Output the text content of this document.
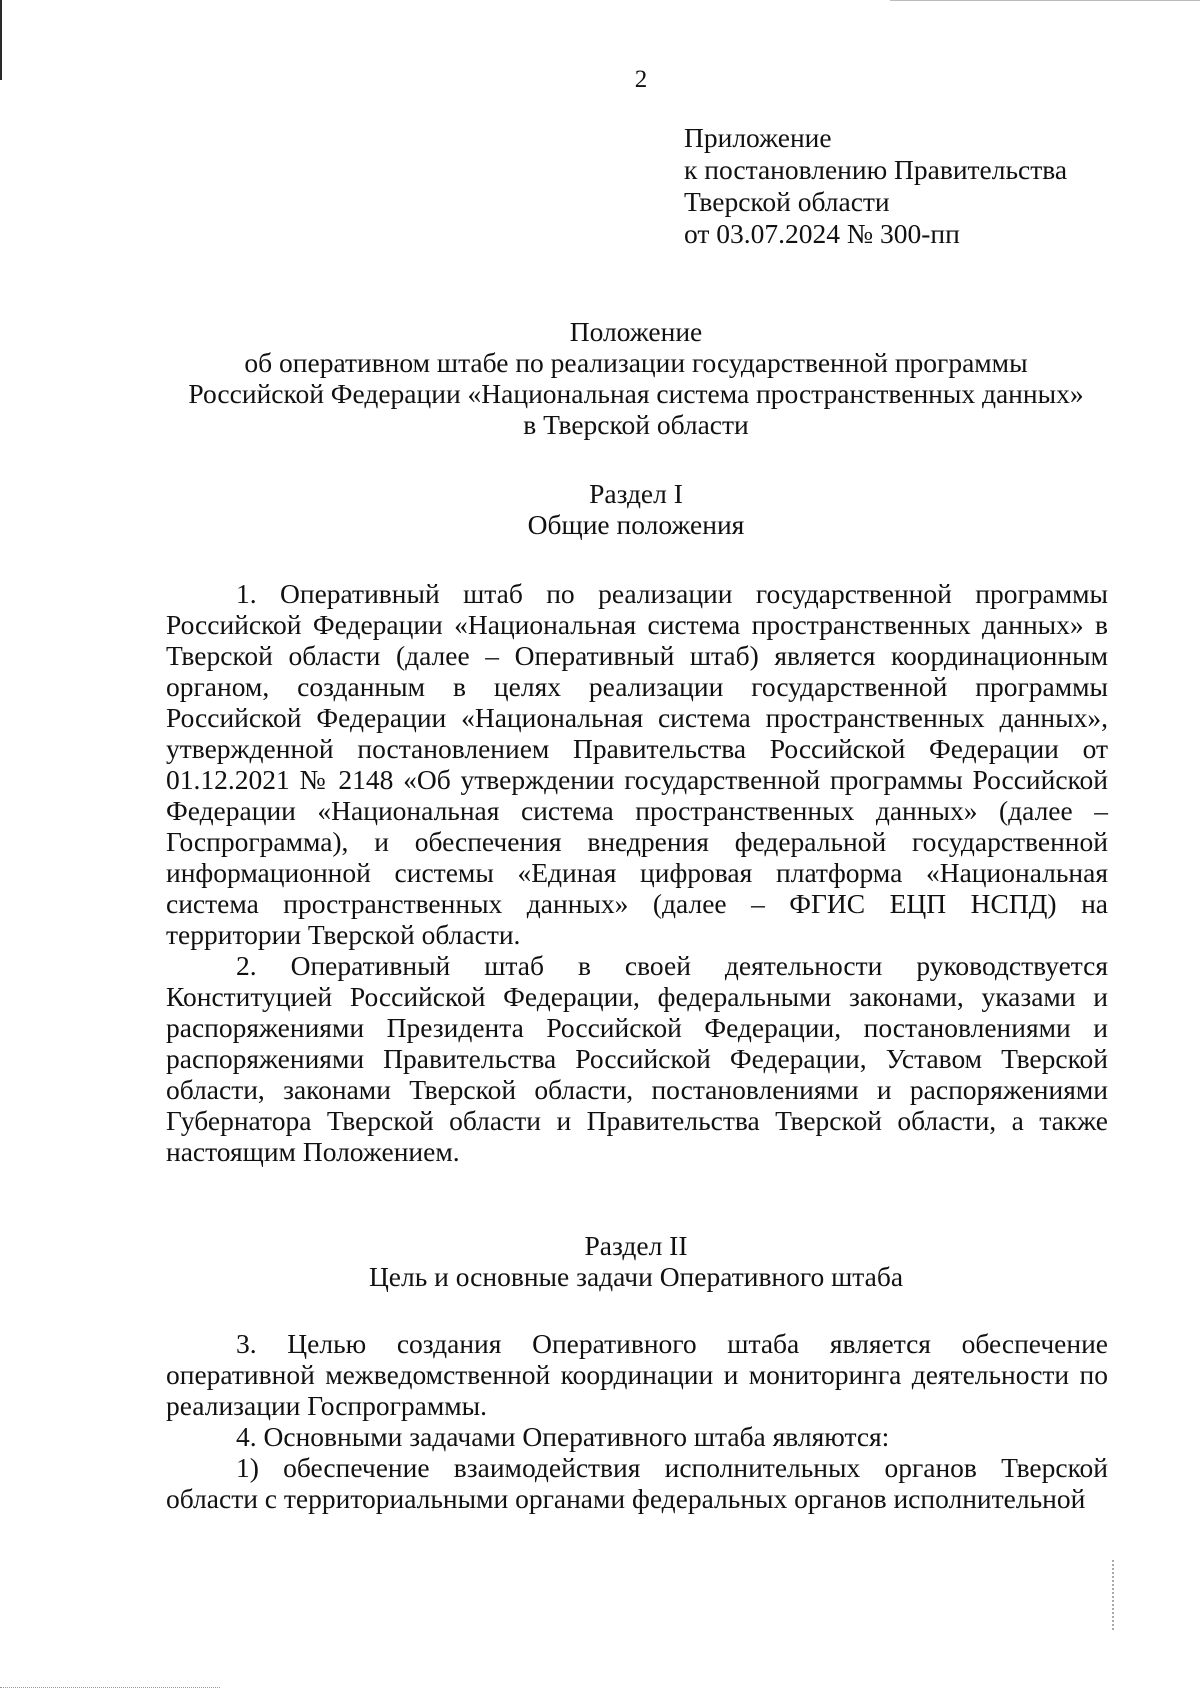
2
Приложение
к постановлению Правительства
Тверской области
от 03.07.2024 № 300-пп
Положение
об оперативном штабе по реализации государственной программы
Российской Федерации «Национальная система пространственных данных»
в Тверской области
Раздел I
Общие положения

1. Оперативный штаб по реализации государственной программы Российской Федерации «Национальная система пространственных данных» в Тверской области (далее – Оперативный штаб) является координационным органом, созданным в целях реализации государственной программы Российской Федерации «Национальная система пространственных данных», утвержденной постановлением Правительства Российской Федерации от 01.12.2021 № 2148 «Об утверждении государственной программы Российской Федерации «Национальная система пространственных данных» (далее – Госпрограмма), и обеспечения внедрения федеральной государственной информационной системы «Единая цифровая платформа «Национальная система пространственных данных» (далее – ФГИС ЕЦП НСПД) на территории Тверской области.

2. Оперативный штаб в своей деятельности руководствуется Конституцией Российской Федерации, федеральными законами, указами и распоряжениями Президента Российской Федерации, постановлениями и распоряжениями Правительства Российской Федерации, Уставом Тверской области, законами Тверской области, постановлениями и распоряжениями Губернатора Тверской области и Правительства Тверской области, а также настоящим Положением.

Раздел II
Цель и основные задачи Оперативного штаба

3. Целью создания Оперативного штаба является обеспечение оперативной межведомственной координации и мониторинга деятельности по реализации Госпрограммы.

4. Основными задачами Оперативного штаба являются:

1) обеспечение взаимодействия исполнительных органов Тверской области с территориальными органами федеральных органов исполнительной
